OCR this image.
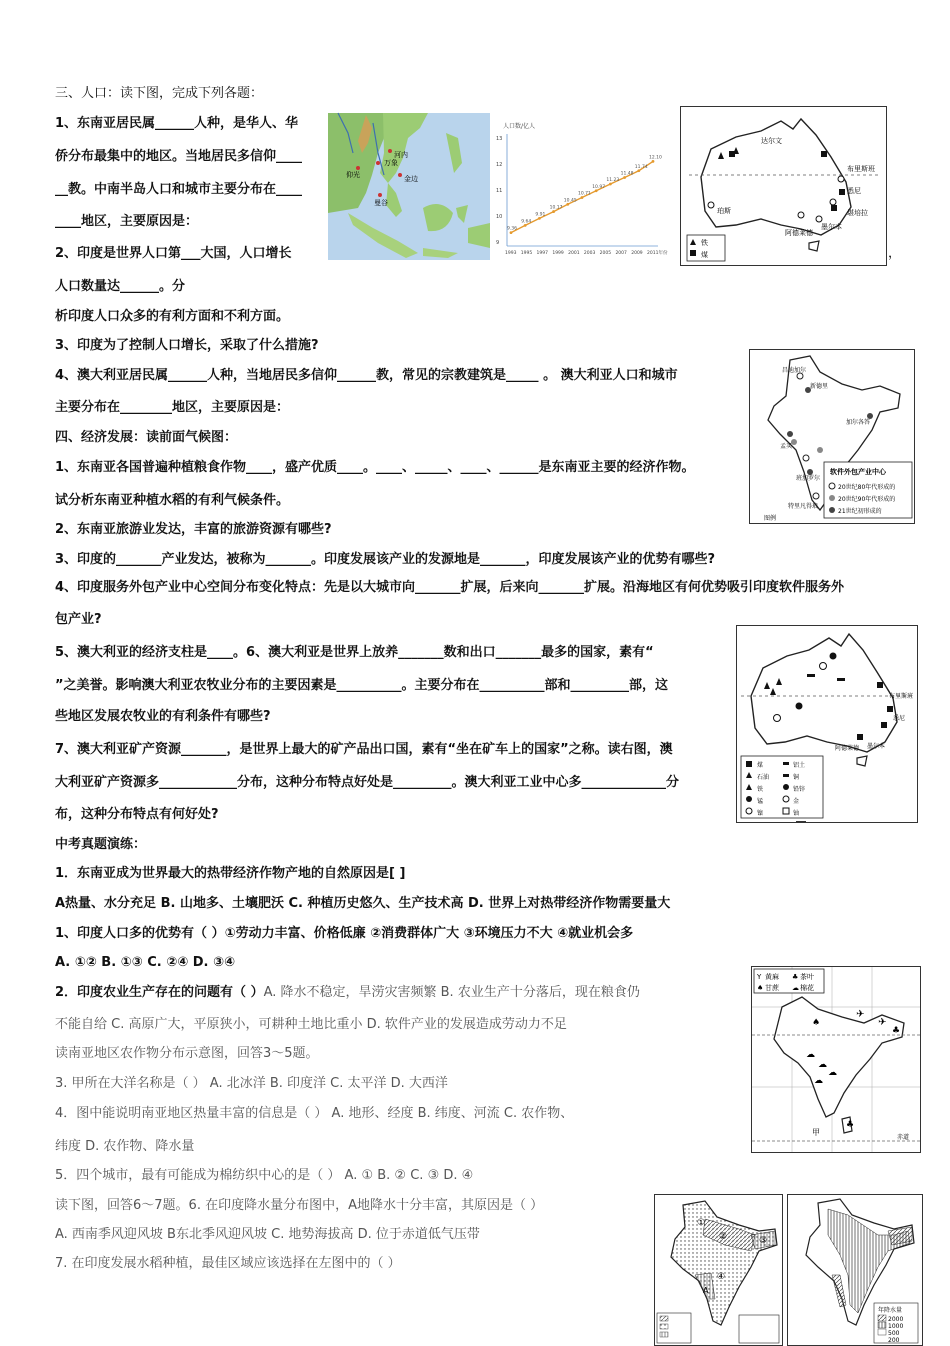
三、人口：读下图，完成下列各题：
1、东南亚居民属______人种，是华人、华
侨分布最集中的地区。当地居民多信仰____
__教。中南半岛人口和城市主要分布在____
____地区，主要原因是：
2、印度是世界人口第___大国，人口增长
人口数量达______。分
析印度人口众多的有利方面和不利方面。
3、印度为了控制人口增长，采取了什么措施?
4、澳大利亚居民属______人种，当地居民多信仰______教，常见的宗教建筑是_____ 。 澳大利亚人口和城市
主要分布在________地区，主要原因是：
四、经济发展：读前面气候图：
1、东南亚各国普遍种植粮食作物____，盛产优质____。____、_____、____、______是东南亚主要的经济作物。
试分析东南亚种植水稻的有利气候条件。
2、东南亚旅游业发达，丰富的旅游资源有哪些?
3、印度的_______产业发达，被称为_______。印度发展该产业的发源地是_______，印度发展该产业的优势有哪些?
4、印度服务外包产业中心空间分布变化特点：先是以大城市向_______扩展，后来向_______扩展。沿海地区有何优势吸引印度软件服务外
包产业?
5、澳大利亚的经济支柱是____。6、澳大利亚是世界上放养_______数和出口_______最多的国家，素有“
”之美誉。影响澳大利亚农牧业分布的主要因素是__________。主要分布在__________部和_________部，这
些地区发展农牧业的有利条件有哪些?
7、澳大利亚矿产资源_______，是世界上最大的矿产品出口国，素有“坐在矿车上的国家”之称。读右图，澳
大利亚矿产资源多____________分布，这种分布特点好处是_________。澳大利亚工业中心多_____________分
布，这种分布特点有何好处?
中考真题演练：
1．东南亚成为世界最大的热带经济作物产地的自然原因是[ ]
A热量、水分充足 B. 山地多、土壤肥沃 C. 种植历史悠久、生产技术高 D. 世界上对热带经济作物需要量大
1、印度人口多的优势有（ ）①劳动力丰富、价格低廉 ②消费群体广大 ③环境压力不大 ④就业机会多
A. ①② B. ①③ C. ②④ D. ③④
2．印度农业生产存在的问题有（ ）A. 降水不稳定，旱涝灾害频繁 B. 农业生产十分落后，现在粮食仍
不能自给 C. 高原广大，平原狭小，可耕种土地比重小 D. 软件产业的发展造成劳动力不足
读南亚地区农作物分布示意图，回答3～5题。
3. 甲所在大洋名称是（ ） A. 北冰洋 B. 印度洋 C. 太平洋 D. 大西洋
4．图中能说明南亚地区热量丰富的信息是（ ） A. 地形、经度 B. 纬度、河流 C. 农作物、
纬度 D. 农作物、降水量
5．四个城市，最有可能成为棉纺织中心的是（ ） A. ① B. ② C. ③ D. ④
读下图，回答6～7题。6. 在印度降水量分布图中，A地降水十分丰富，其原因是（ ）
A. 西南季风迎风坡 B东北季风迎风坡 C. 地势海拔高 D. 位于赤道低气压带
7. 在印度发展水稻种植，最佳区域应该选择在左图中的（ ）
，
河内
万象
金边
仰光
曼谷
人口数/亿人
13
12
11
10
9
1993 1995 1997 1999 2001 2003 2005 2007 2009 2011年份
9.36
9.64
9.91
10.17
10.45
10.71
10.97
11.23
11.48
11.74
12.10
达尔文
布里斯班
悉尼
墨尔本
珀斯
阿德莱德
堪培拉
铁
煤
新德里
昌迪加尔
加尔各答
孟买
班加罗尔
特里凡得琅
图例
软件外包产业中心
20世纪80年代形成的
20世纪90年代形成的
21世纪初形成的
布里斯班
悉尼
墨尔本
阿德莱德
煤
石油
铁
锰
镍
铝土
铜
铅锌
金
铀
✈
✈
♣
♠
☁
☁
☁
☁
♣
Y
♠
♣
☁
黄麻	茶叶
甘蔗	棉花
甲
赤道
①
②	③
④
A
年降水量
2000
1000
500
200
